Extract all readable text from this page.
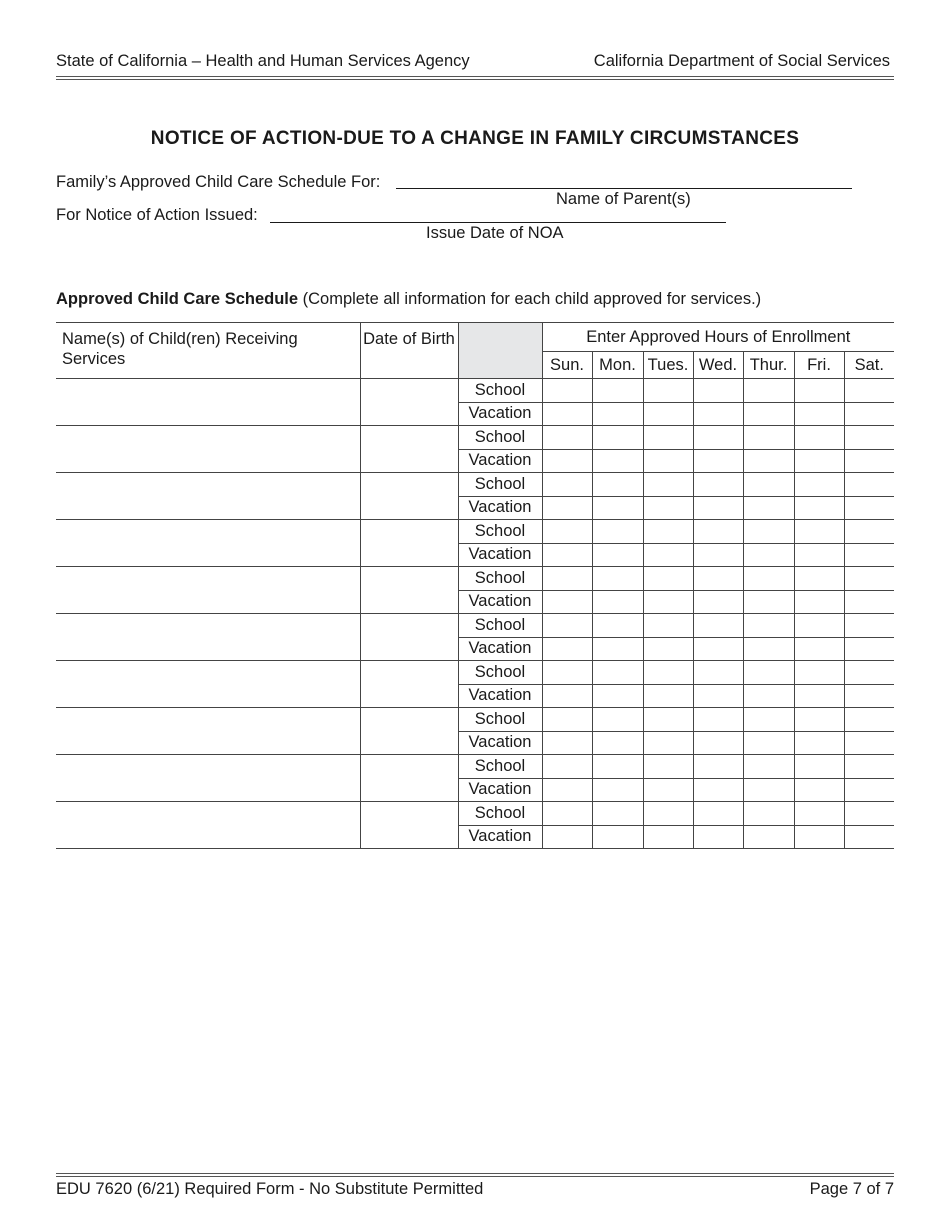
State of California – Health and Human Services Agency	California Department of Social Services
NOTICE OF ACTION-DUE TO A CHANGE IN FAMILY CIRCUMSTANCES
Family’s Approved Child Care Schedule For:
Name of Parent(s)
For Notice of Action Issued:
Issue Date of NOA
Approved Child Care Schedule (Complete all information for each child approved for services.)
Name(s) of Child(ren) Receiving Services	Date of Birth		Enter Approved Hours of Enrollment						
			Sun.	Mon.	Tues.	Wed.	Thur.	Fri.	Sat.
		School							
		Vacation							
		School							
		Vacation							
		School							
		Vacation							
		School							
		Vacation							
		School							
		Vacation							
		School							
		Vacation							
		School							
		Vacation							
		School							
		Vacation							
		School							
		Vacation							
		School							
		Vacation							
EDU 7620 (6/21) Required Form - No Substitute Permitted	Page 7 of 7
